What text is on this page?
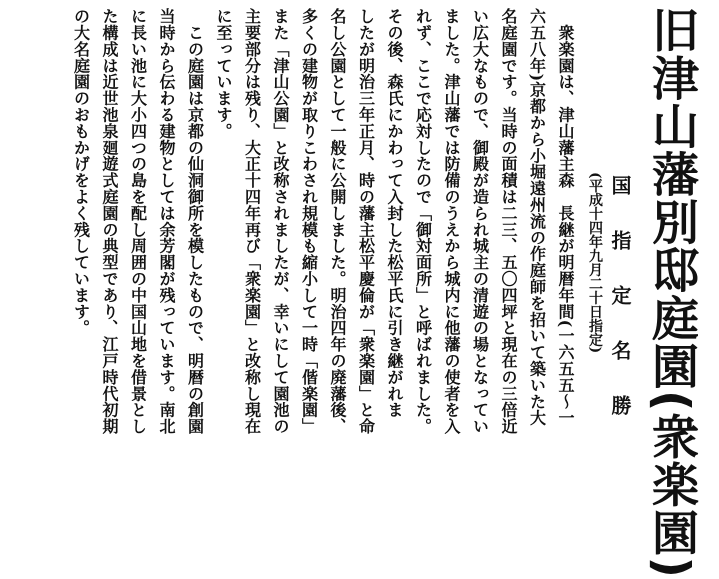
旧津山藩別邸庭園(衆楽園)
国 指 定 名 勝
(平成十四年九月二十日指定)
　衆楽園は、津山藩主森　長継が明暦年間(一六五五～一
六五八年)京都から小堀遠州流の作庭師を招いて築いた大
名庭園です。当時の面積は二三、五〇四坪と現在の三倍近
い広大なもので、御殿が造られ城主の清遊の場となってい
ました。津山藩では防備のうえから城内に他藩の使者を入
れず、ここで応対したので「御対面所」と呼ばれました。
その後、森氏にかわって入封した松平氏に引き継がれま
したが明治三年正月、時の藩主松平慶倫が「衆楽園」と命
名し公園として一般に公開しました。明治四年の廃藩後、
多くの建物が取りこわされ規模も縮小して一時「偕楽園」
また「津山公園」と改称されましたが、幸いにして園池の
主要部分は残り、大正十四年再び「衆楽園」と改称し現在
に至っています。
　この庭園は京都の仙洞御所を模したもので、明暦の創園
当時から伝わる建物としては余芳閣が残っています。南北
に長い池に大小四つの島を配し周囲の中国山地を借景とし
た構成は近世池泉廻遊式庭園の典型であり、江戸時代初期
の大名庭園のおもかげをよく残しています。
